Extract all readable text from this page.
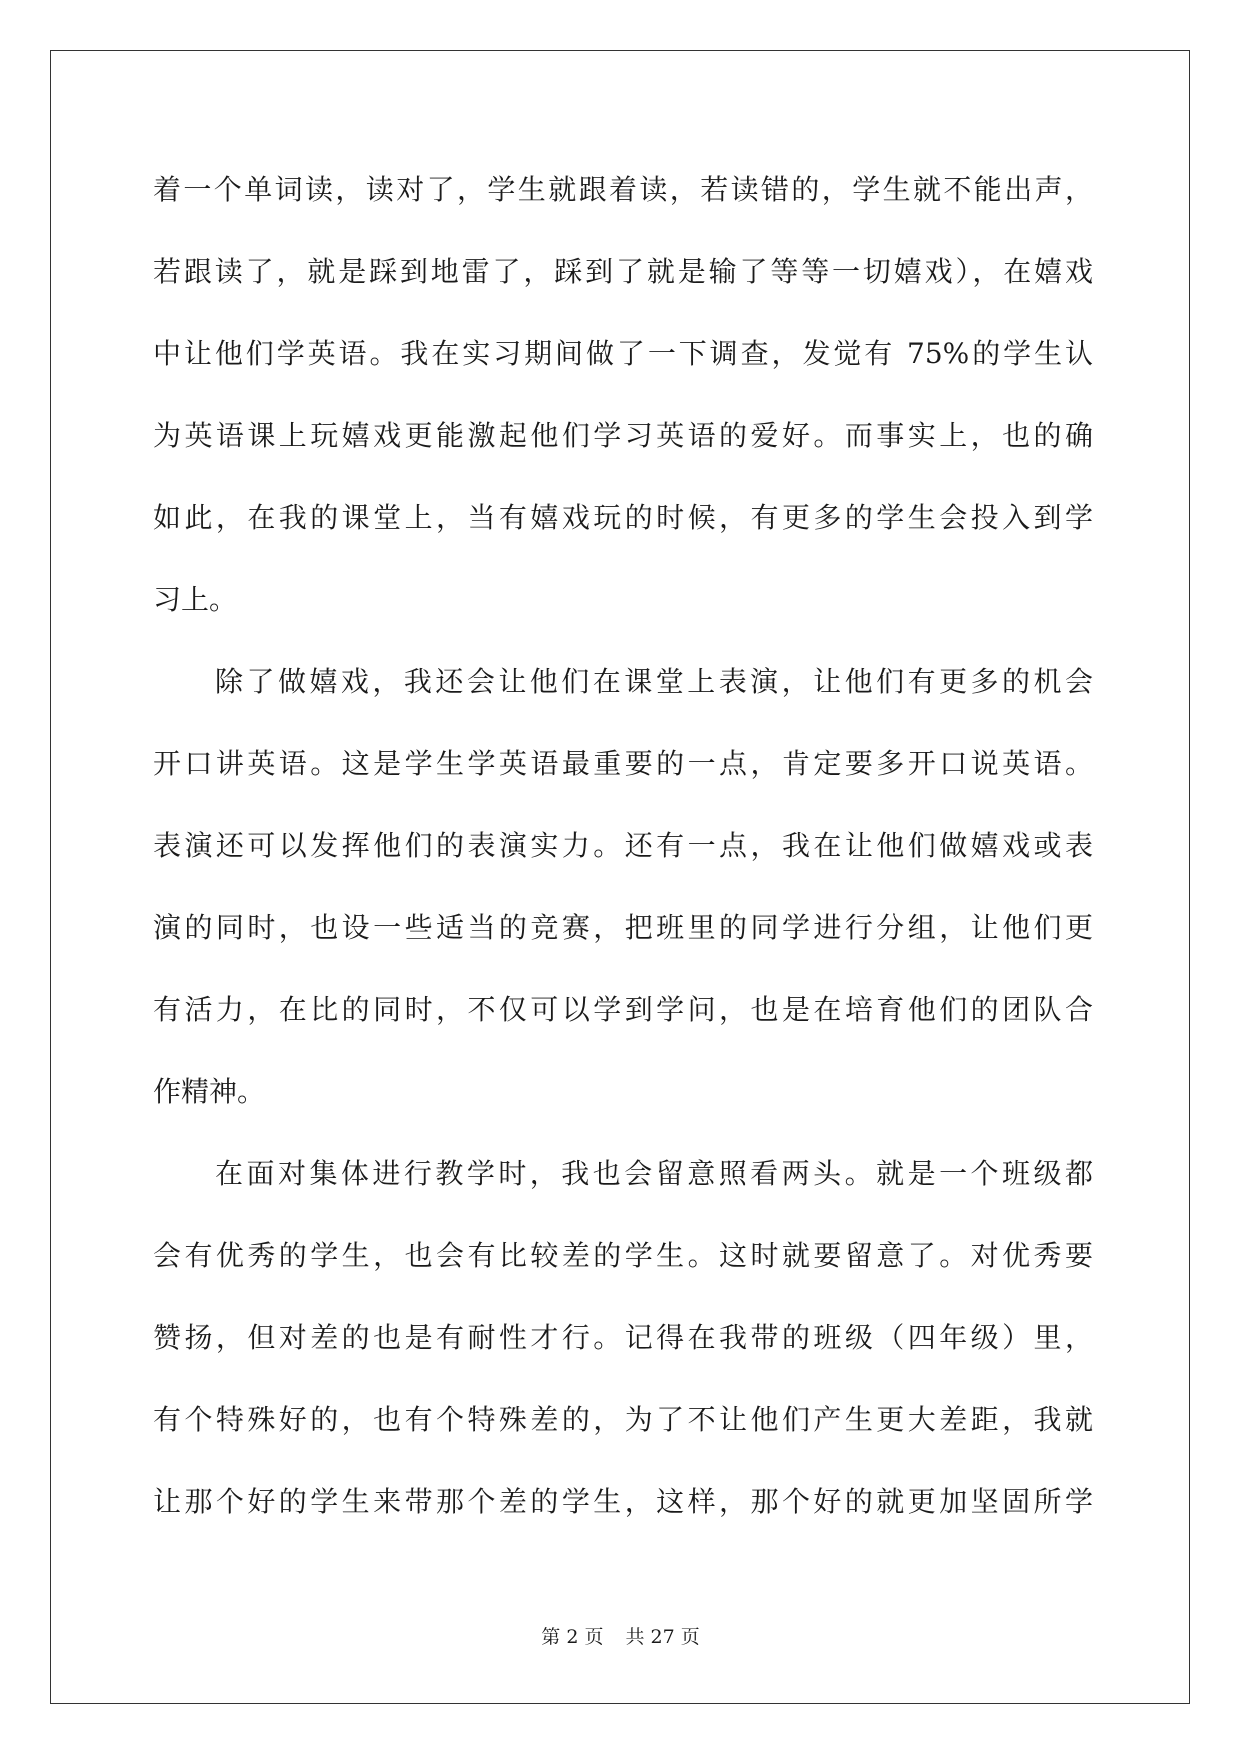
着一个单词读，读对了，学生就跟着读，若读错的，学生就不能出声，
若跟读了，就是踩到地雷了，踩到了就是输了等等一切嬉戏），在嬉戏
中让他们学英语。我在实习期间做了一下调查，发觉有 75%的学生认
为英语课上玩嬉戏更能激起他们学习英语的爱好。而事实上，也的确
如此，在我的课堂上，当有嬉戏玩的时候，有更多的学生会投入到学
习上。
除了做嬉戏，我还会让他们在课堂上表演，让他们有更多的机会
开口讲英语。这是学生学英语最重要的一点，肯定要多开口说英语。
表演还可以发挥他们的表演实力。还有一点，我在让他们做嬉戏或表
演的同时，也设一些适当的竞赛，把班里的同学进行分组，让他们更
有活力，在比的同时，不仅可以学到学问，也是在培育他们的团队合
作精神。
在面对集体进行教学时，我也会留意照看两头。就是一个班级都
会有优秀的学生，也会有比较差的学生。这时就要留意了。对优秀要
赞扬，但对差的也是有耐性才行。记得在我带的班级（四年级）里，
有个特殊好的，也有个特殊差的，为了不让他们产生更大差距，我就
让那个好的学生来带那个差的学生，这样，那个好的就更加坚固所学
第 2 页 共 27 页
